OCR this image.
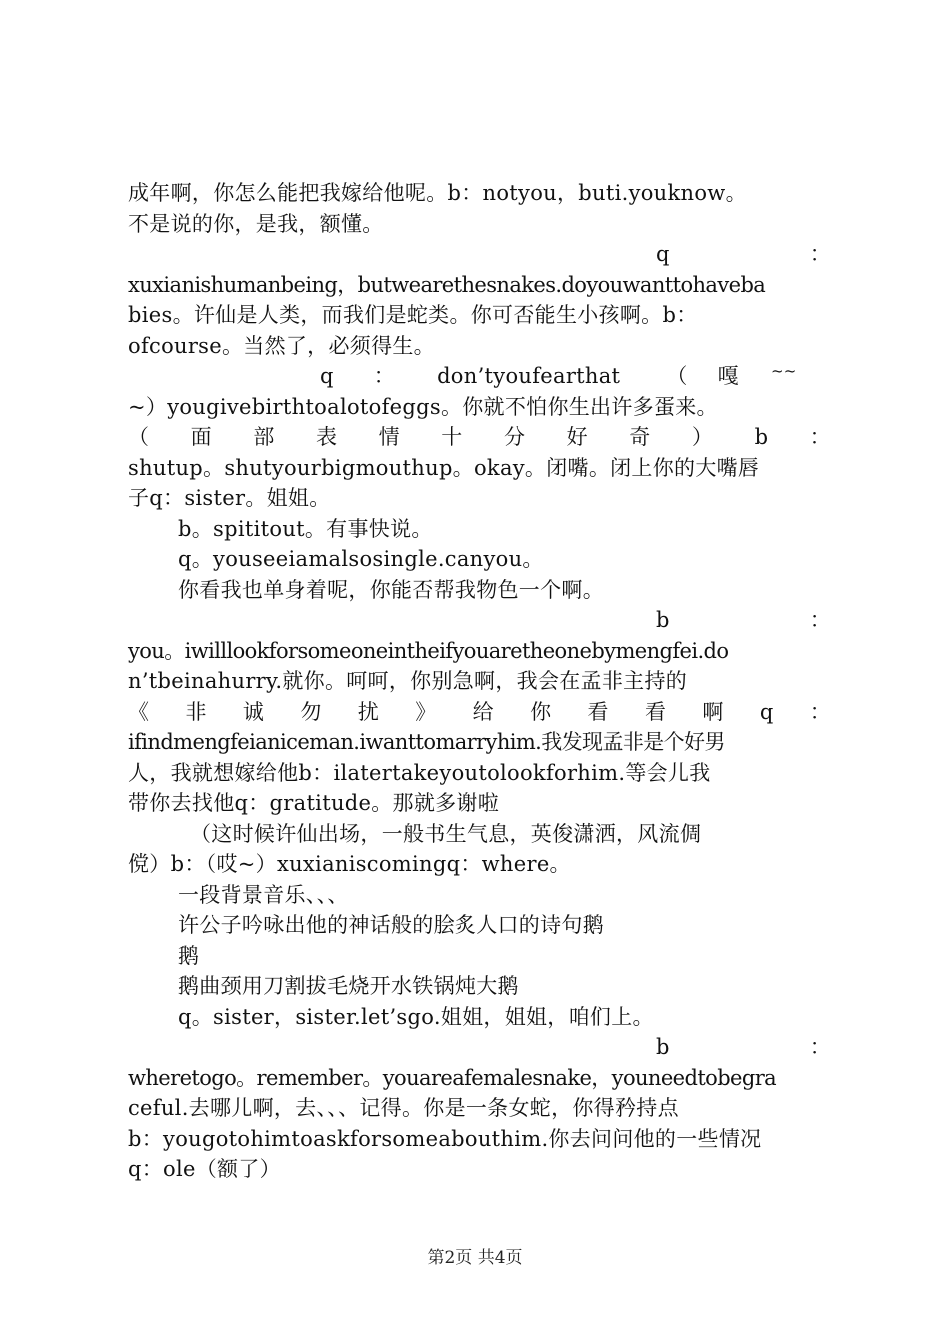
成年啊，你怎么能把我嫁给他呢。b：notyou，buti.youknow。
不是说的你，是我，额懂。
q	：
xuxianishumanbeing，butwearethesnakes.doyouwanttohaveba
bies。许仙是人类，而我们是蛇类。你可否能生小孩啊。b：
ofcourse。当然了，必须得生。
q ： don’tyoufearthat （ 嘎 ~~
~）yougivebirthtoalotofeggs。你就不怕你生出许多蛋来。
（ 面 部 表 情 十 分 好 奇 ） b ：
shutup。shutyourbigmouthup。okay。闭嘴。闭上你的大嘴唇
子q：sister。姐姐。
b。spititout。有事快说。
q。youseeiamalsosingle.canyou。
你看我也单身着呢，你能否帮我物色一个啊。
b	：
you。iwilllookforsomeoneintheifyouaretheonebymengfei.do
n’tbeinahurry.就你。呵呵，你别急啊，我会在孟非主持的
《 非 诚 勿 扰 》 给 你 看 看 啊 q ：
ifindmengfeianiceman.iwanttomarryhim.我发现孟非是个好男
人，我就想嫁给他b：ilatertakeyoutolookforhim.等会儿我
带你去找他q：gratitude。那就多谢啦
（这时候许仙出场，一般书生气息，英俊潇洒，风流倜
傥）b：（哎~）xuxianiscomingq：where。
一段背景音乐、、、
许公子吟咏出他的神话般的脍炙人口的诗句鹅
鹅
鹅曲颈用刀割拔毛烧开水铁锅炖大鹅
q。sister，sister.let’sgo.姐姐，姐姐，咱们上。
b	：
wheretogo。remember。youareafemalesnake，youneedtobegra
ceful.去哪儿啊，去、、、记得。你是一条女蛇，你得矜持点
b：yougotohimtoaskforsomeabouthim.你去问问他的一些情况
q：ole（额了）
第2页 共4页
